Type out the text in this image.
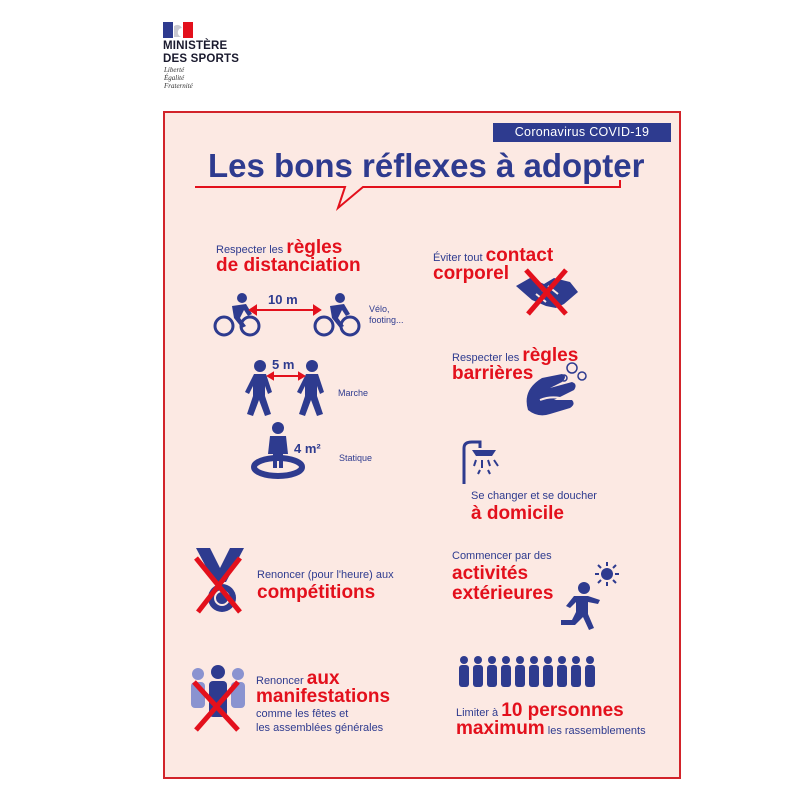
MINISTÈRE
DES SPORTS
Liberté
Égalité
Fraternité
Coronavirus COVID-19
Les bons réflexes à adopter
Respecter les règles
de distanciation
10 m
Vélo,
footing...
5 m
Marche
4 m²
Statique
Éviter tout contact
corporel
Respecter les règles
barrières
Se changer et se doucher
à domicile
Renoncer (pour l'heure) aux
compétitions
Commencer par des
activités
extérieures
Renoncer aux
manifestations
comme les fêtes et
les assemblées générales
Limiter à 10 personnes
maximum les rassemblements
